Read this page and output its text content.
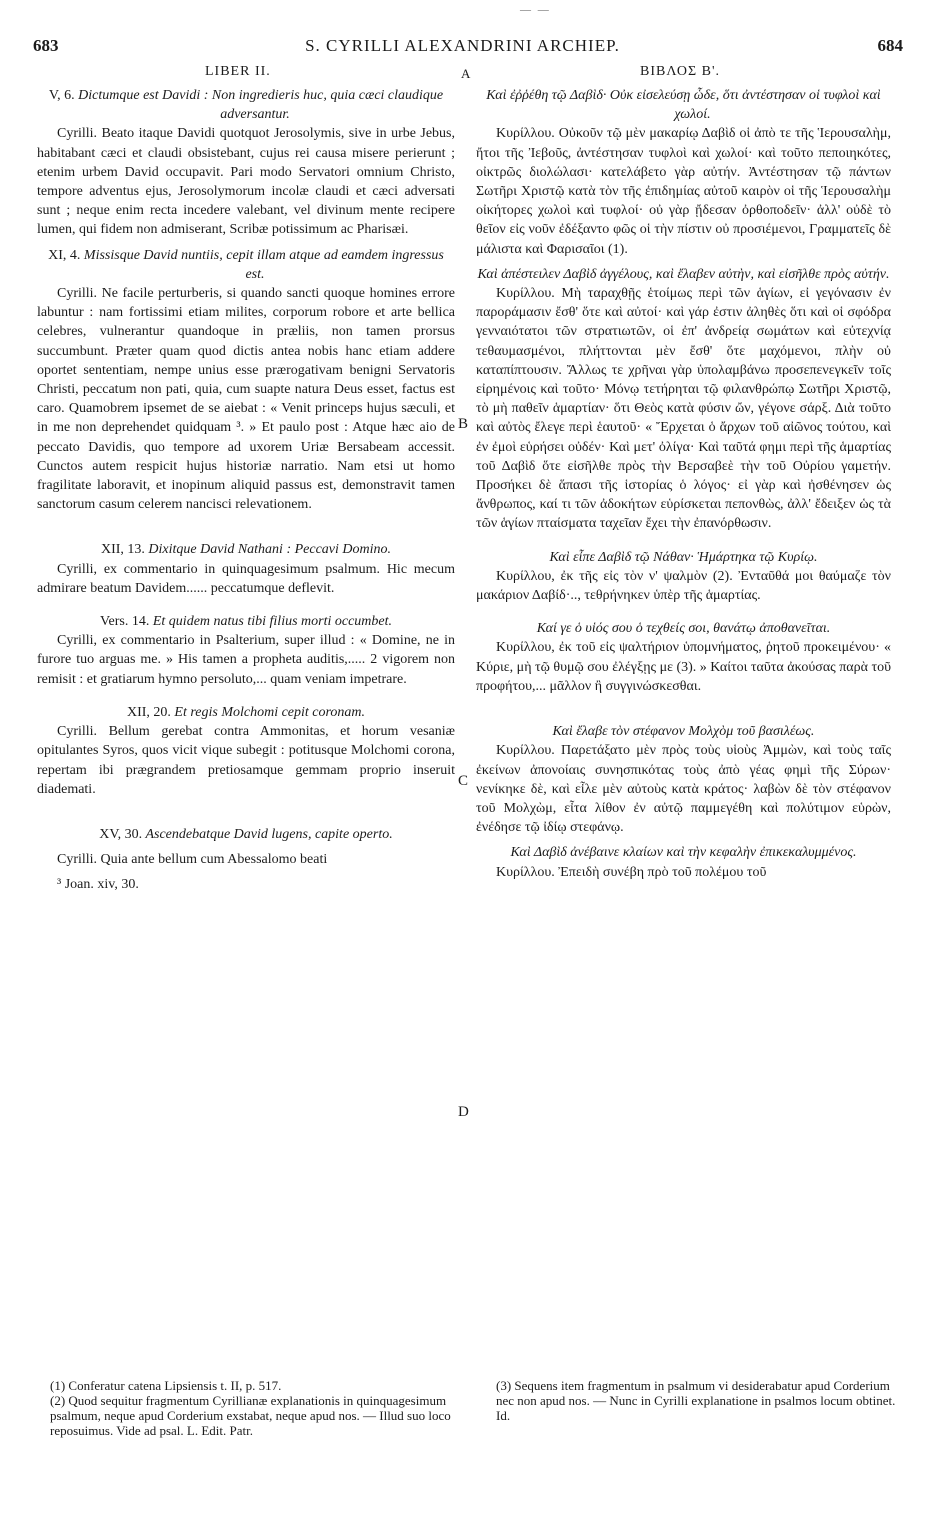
— —
683	S. CYRILLI ALEXANDRINI ARCHIEP.	684
LIBER II.	A	ΒΙΒΛΟΣ Β'.
B
C
D

V, 6. Dictumque est Davidi : Non ingredieris huc, quia cæci claudique adversantur.

Cyrilli. Beato itaque Davidi quotquot Jerosolymis, sive in urbe Jebus, habitabant cæci et claudi obsistebant, cujus rei causa misere perierunt ; etenim urbem David occupavit. Pari modo Servatori omnium Christo, tempore adventus ejus, Jerosolymorum incolæ claudi et cæci adversati sunt ; neque enim recta incedere valebant, vel divinum mente recipere lumen, qui fidem non admiserant, Scribæ potissimum ac Pharisæi.

XI, 4. Missisque David nuntiis, cepit illam atque ad eamdem ingressus est.

Cyrilli. Ne facile perturberis, si quando sancti quoque homines errore labuntur : nam fortissimi etiam milites, corporum robore et arte bellica celebres, vulnerantur quandoque in præliis, non tamen prorsus succumbunt. Præter quam quod dictis antea nobis hanc etiam addere oportet sententiam, nempe unius esse prærogativam benigni Servatoris Christi, peccatum non pati, quia, cum suapte natura Deus esset, factus est caro. Quamobrem ipsemet de se aiebat : « Venit princeps hujus sæculi, et in me non deprehendet quidquam ³. » Et paulo post : Atque hæc aio de peccato Davidis, quo tempore ad uxorem Uriæ Bersabeam accessit. Cunctos autem respicit hujus historiæ narratio. Nam etsi ut homo fragilitate laboravit, et inopinum aliquid passus est, demonstravit tamen sanctorum casum celerem nancisci relevationem.

XII, 13. Dixitque David Nathani : Peccavi Domino.

Cyrilli, ex commentario in quinquagesimum psalmum. Hic mecum admirare beatum Davidem...... peccatumque deflevit.

Vers. 14. Et quidem natus tibi filius morti occumbet.

Cyrilli, ex commentario in Psalterium, super illud : « Domine, ne in furore tuo arguas me. » His tamen a propheta auditis,..... 2 vigorem non remisit : et gratiarum hymno persoluto,... quam veniam impetrare.

XII, 20. Et regis Molchomi cepit coronam.

Cyrilli. Bellum gerebat contra Ammonitas, et horum vesaniæ opitulantes Syros, quos vicit vique subegit : potitusque Molchomi corona, repertam ibi prægrandem pretiosamque gemmam proprio inseruit diademati.

XV, 30. Ascendebatque David lugens, capite operto.

Cyrilli. Quia ante bellum cum Abessalomo beati

³ Joan. xiv, 30.

Καὶ ἐῤῥέθη τῷ Δαβὶδ· Οὐκ εἰσελεύσῃ ὧδε, ὅτι ἀντέστησαν οἱ τυφλοὶ καὶ χωλοί.

Κυρίλλου. Οὐκοῦν τῷ μὲν μακαρίῳ Δαβὶδ οἱ ἀπὸ τε τῆς Ἱερουσαλὴμ, ἤτοι τῆς Ἰεβοῦς, ἀντέστησαν τυφλοὶ καὶ χωλοί· καὶ τοῦτο πεποιηκότες, οἰκτρῶς διολώλασι· κατελάβετο γὰρ αὐτήν. Ἀντέστησαν τῷ πάντων Σωτῆρι Χριστῷ κατὰ τὸν τῆς ἐπιδημίας αὐτοῦ καιρὸν οἱ τῆς Ἱερουσαλὴμ οἰκήτορες χωλοὶ καὶ τυφλοί· οὐ γὰρ ᾔδεσαν ὀρθοποδεῖν· ἀλλ' οὐδὲ τὸ θεῖον εἰς νοῦν ἐδέξαντο φῶς οἱ τὴν πίστιν οὐ προσιέμενοι, Γραμματεῖς δὲ μάλιστα καὶ Φαρισαῖοι (1).

Καὶ ἀπέστειλεν Δαβὶδ ἀγγέλους, καὶ ἔλαβεν αὐτὴν, καὶ εἰσῆλθε πρὸς αὐτήν.

Κυρίλλου. Μὴ ταραχθῇς ἑτοίμως περὶ τῶν ἁγίων, εἰ γεγόνασιν ἐν παροράμασιν ἔσθ' ὅτε καὶ αὐτοί· καὶ γάρ ἐστιν ἀληθὲς ὅτι καὶ οἱ σφόδρα γενναιότατοι τῶν στρατιωτῶν, οἱ ἐπ' ἀνδρείᾳ σωμάτων καὶ εὐτεχνίᾳ τεθαυμασμένοι, πλήττονται μὲν ἔσθ' ὅτε μαχόμενοι, πλὴν οὐ καταπίπτουσιν. Ἄλλως τε χρῆναι γὰρ ὑπολαμβάνω προσεπενεγκεῖν τοῖς εἰρημένοις καὶ τοῦτο· Μόνῳ τετήρηται τῷ φιλανθρώπῳ Σωτῆρι Χριστῷ, τὸ μὴ παθεῖν ἁμαρτίαν· ὅτι Θεὸς κατὰ φύσιν ὤν, γέγονε σάρξ. Διὰ τοῦτο καὶ αὐτὸς ἔλεγε περὶ ἑαυτοῦ· « Ἔρχεται ὁ ἄρχων τοῦ αἰῶνος τούτου, καὶ ἐν ἐμοὶ εὑρήσει οὐδέν· Καὶ μετ' ὀλίγα· Καὶ ταῦτά φημι περὶ τῆς ἁμαρτίας τοῦ Δαβὶδ ὅτε εἰσῆλθε πρὸς τὴν Βερσαβεὲ τὴν τοῦ Οὐρίου γαμετήν. Προσήκει δὲ ἅπασι τῆς ἱστορίας ὁ λόγος· εἰ γὰρ καὶ ἠσθένησεν ὡς ἄνθρωπος, καί τι τῶν ἀδοκήτων εὑρίσκεται πεπονθὼς, ἀλλ' ἔδειξεν ὡς τὰ τῶν ἁγίων πταίσματα ταχεῖαν ἔχει τὴν ἐπανόρθωσιν.

Καὶ εἶπε Δαβὶδ τῷ Νάθαν· Ἡμάρτηκα τῷ Κυρίῳ.

Κυρίλλου, ἐκ τῆς εἰς τὸν ν' ψαλμὸν (2). Ἐνταῦθά μοι θαύμαζε τὸν μακάριον Δαβίδ·.., τεθρήνηκεν ὑπὲρ τῆς ἁμαρτίας.

Καί γε ὁ υἱός σου ὁ τεχθείς σοι, θανάτῳ ἀποθανεῖται.

Κυρίλλου, ἐκ τοῦ εἰς ψαλτήριον ὑπομνήματος, ῥητοῦ προκειμένου· « Κύριε, μὴ τῷ θυμῷ σου ἐλέγξῃς με (3). » Καίτοι ταῦτα ἀκούσας παρὰ τοῦ προφήτου,... μᾶλλον ἢ συγγινώσκεσθαι.

Καὶ ἔλαβε τὸν στέφανον Μολχὸμ τοῦ βασιλέως.

Κυρίλλου. Παρετάξατο μὲν πρὸς τοὺς υἱοὺς Ἀμμὼν, καὶ τοὺς ταῖς ἐκείνων ἀπονοίαις συνησπικότας τοὺς ἀπὸ γέας φημὶ τῆς Σύρων· νενίκηκε δὲ, καὶ εἷλε μὲν αὐτοὺς κατὰ κράτος· λαβὼν δὲ τὸν στέφανον τοῦ Μολχὼμ, εἶτα λίθον ἐν αὐτῷ παμμεγέθη καὶ πολύτιμον εὑρὼν, ἐνέδησε τῷ ἰδίῳ στεφάνῳ.

Καὶ Δαβὶδ ἀνέβαινε κλαίων καὶ τὴν κεφαλὴν ἐπικεκαλυμμένος.

Κυρίλλου. Ἐπειδὴ συνέβη πρὸ τοῦ πολέμου τοῦ

(1) Conferatur catena Lipsiensis t. II, p. 517.

(2) Quod sequitur fragmentum Cyrillianæ explanationis in quinquagesimum psalmum, neque apud Corderium exstabat, neque apud nos. — Illud suo loco reposuimus. Vide ad psal. L. Edit. Patr.

(3) Sequens item fragmentum in psalmum vi desiderabatur apud Corderium nec non apud nos. — Nunc in Cyrilli explanatione in psalmos locum obtinet. Id.
